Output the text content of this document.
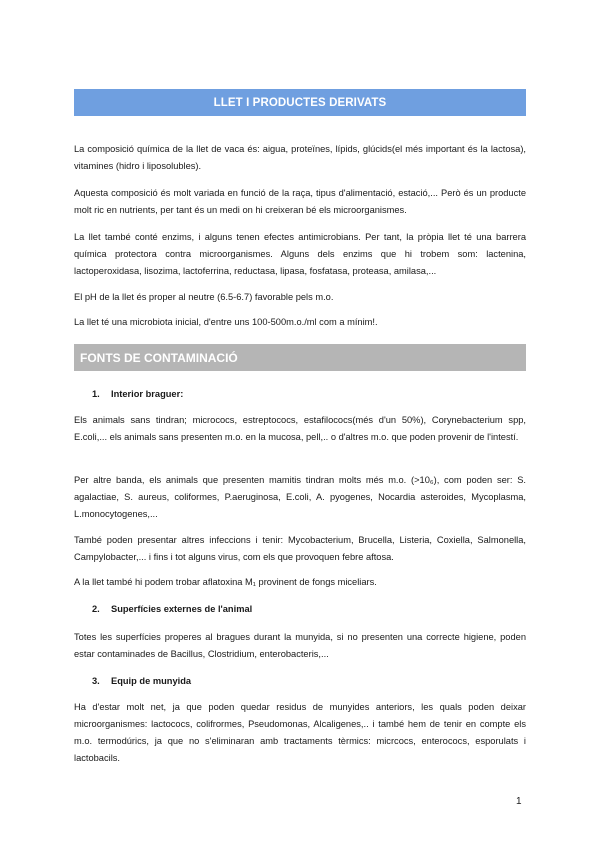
LLET I PRODUCTES DERIVATS

La composició química de la llet de vaca és: aigua, proteïnes, lípids, glúcids(el més important és la lactosa), vitamines (hidro i liposolubles).

Aquesta composició és molt variada en funció de la raça, tipus d'alimentació, estació,... Però és un producte molt ric en nutrients, per tant és un medi on hi creixeran bé els microorganismes.

La llet també conté enzims, i alguns tenen efectes antimicrobians. Per tant, la pròpia llet té una barrera química protectora contra microorganismes. Alguns dels enzims que hi trobem som: lactenina, lactoperoxidasa, lisozima, lactoferrina, reductasa, lipasa, fosfatasa, proteasa, amilasa,...

El pH de la llet és proper al neutre (6.5-6.7) favorable pels m.o.

La llet té una microbiota inicial, d'entre uns 100-500m.o./ml com a mínim!.

FONTS DE CONTAMINACIÓ

1. Interior braguer:

Els animals sans tindran; micrococs, estreptococs, estafilococs(més d'un 50%), Corynebacterium spp, E.coli,... els animals sans presenten m.o. en la mucosa, pell,.. o d'altres m.o. que poden provenir de l'intestí.

Per altre banda, els animals que presenten mamitis tindran molts més m.o. (>10₆), com poden ser: S. agalactiae, S. aureus, coliformes, P.aeruginosa, E.coli, A. pyogenes, Nocardia asteroides, Mycoplasma, L.monocytogenes,...

També poden presentar altres infeccions i tenir: Mycobacterium, Brucella, Listeria, Coxiella, Salmonella, Campylobacter,... i fins i tot alguns virus, com els que provoquen febre aftosa.

A la llet també hi podem trobar aflatoxina M₁ provinent de fongs miceliars.

2. Superfícies externes de l'animal

Totes les superfícies properes al bragues durant la munyida, si no presenten una correcte higiene, poden estar contaminades de Bacillus, Clostridium, enterobacteris,...

3. Equip de munyida

Ha d'estar molt net, ja que poden quedar residus de munyides anteriors, les quals poden deixar microorganismes: lactococs, colifrormes, Pseudomonas, Alcaligenes,.. i també hem de tenir en compte els m.o. termodúrics, ja que no s'eliminaran amb tractaments tèrmics: micrcocs, enterococs, esporulats i lactobacils.

1
